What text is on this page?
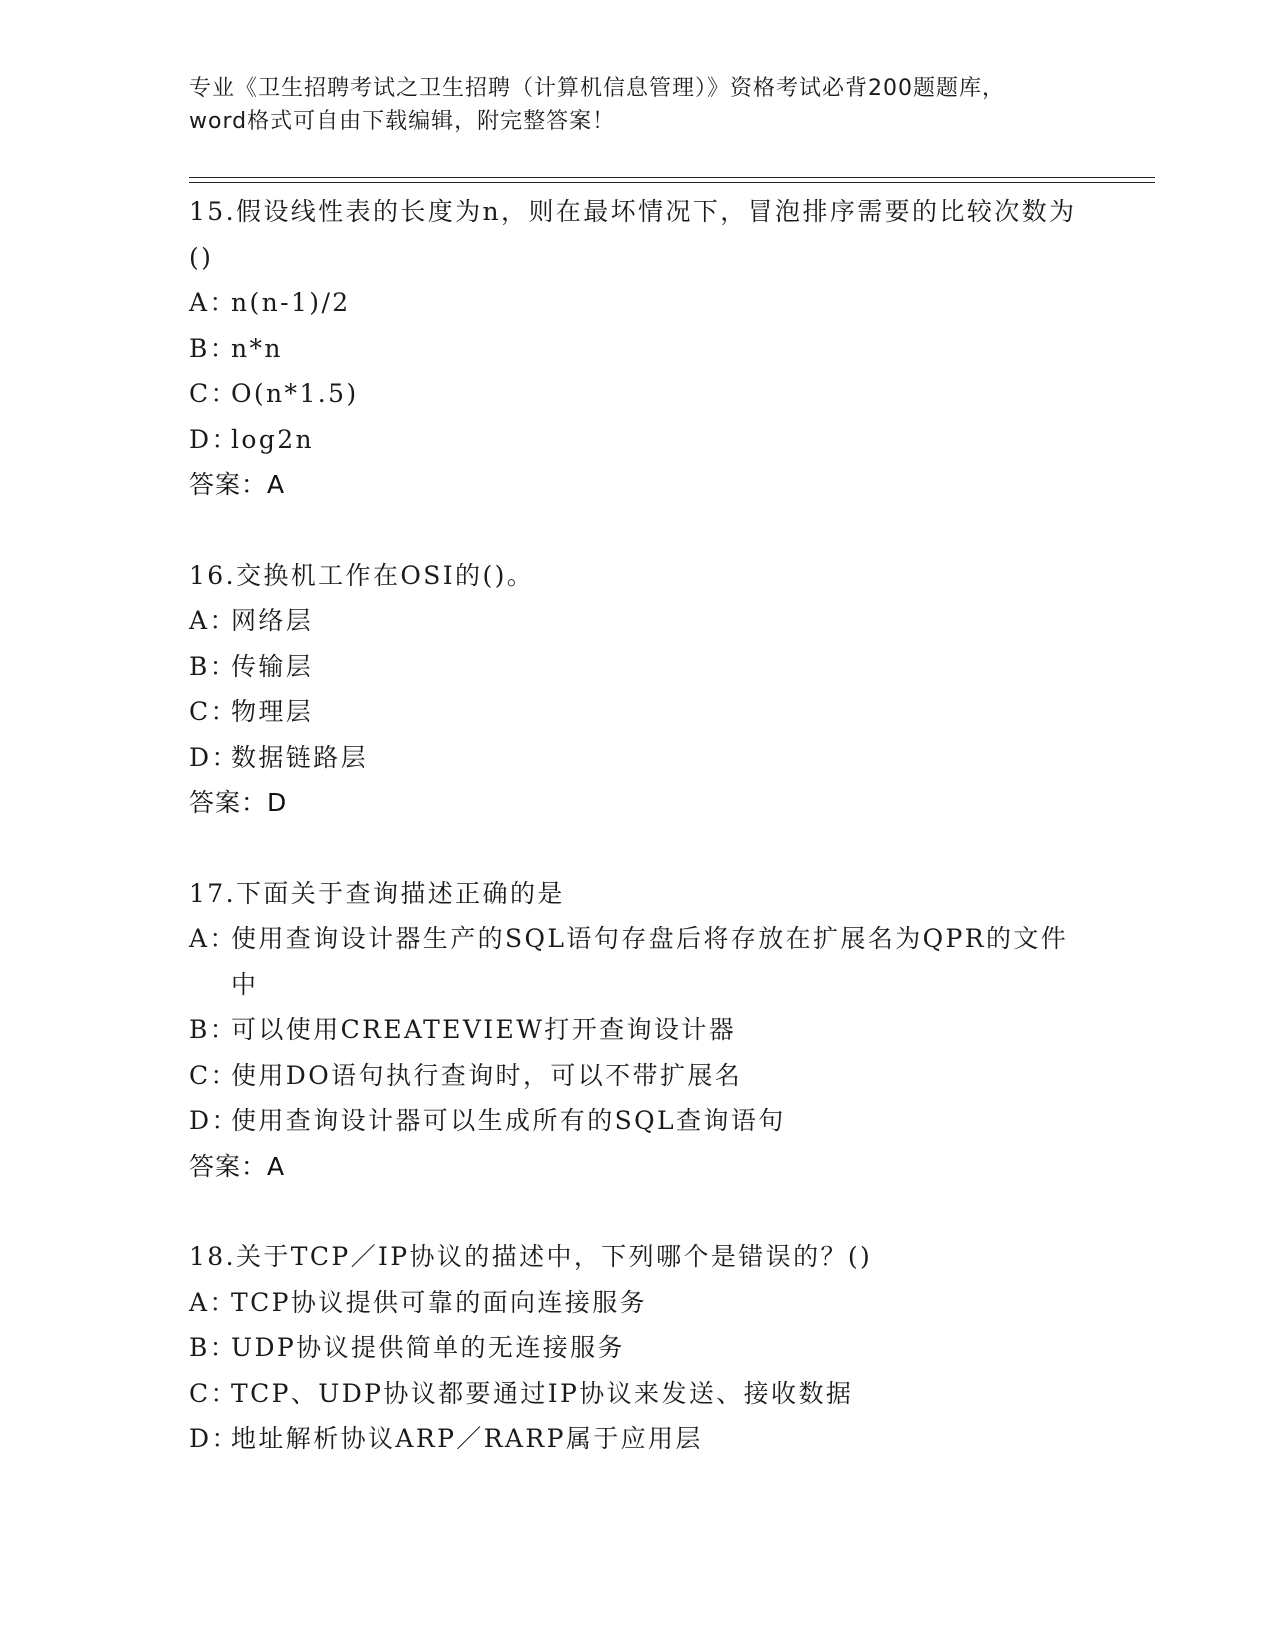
专业《卫生招聘考试之卫生招聘（计算机信息管理）》资格考试必背200题题库，
word格式可自由下载编辑，附完整答案！

15.假设线性表的长度为n，则在最坏情况下，冒泡排序需要的比较次数为()

A：
n(n-1)/2
B：
n*n
C：
O(n*1.5)
D：
log2n
答案：A

16.交换机工作在OSI的()。

A：
网络层
B：
传输层
C：
物理层
D：
数据链路层
答案：D

17.下面关于查询描述正确的是

A：
使用查询设计器生产的SQL语句存盘后将存放在扩展名为QPR的文件中
B：
可以使用CREATEVIEW打开查询设计器
C：
使用DO语句执行查询时，可以不带扩展名
D：
使用查询设计器可以生成所有的SQL查询语句
答案：A

18.关于TCP／IP协议的描述中，下列哪个是错误的？()

A：
TCP协议提供可靠的面向连接服务
B：
UDP协议提供简单的无连接服务
C：
TCP、UDP协议都要通过IP协议来发送、接收数据
D：
地址解析协议ARP／RARP属于应用层
